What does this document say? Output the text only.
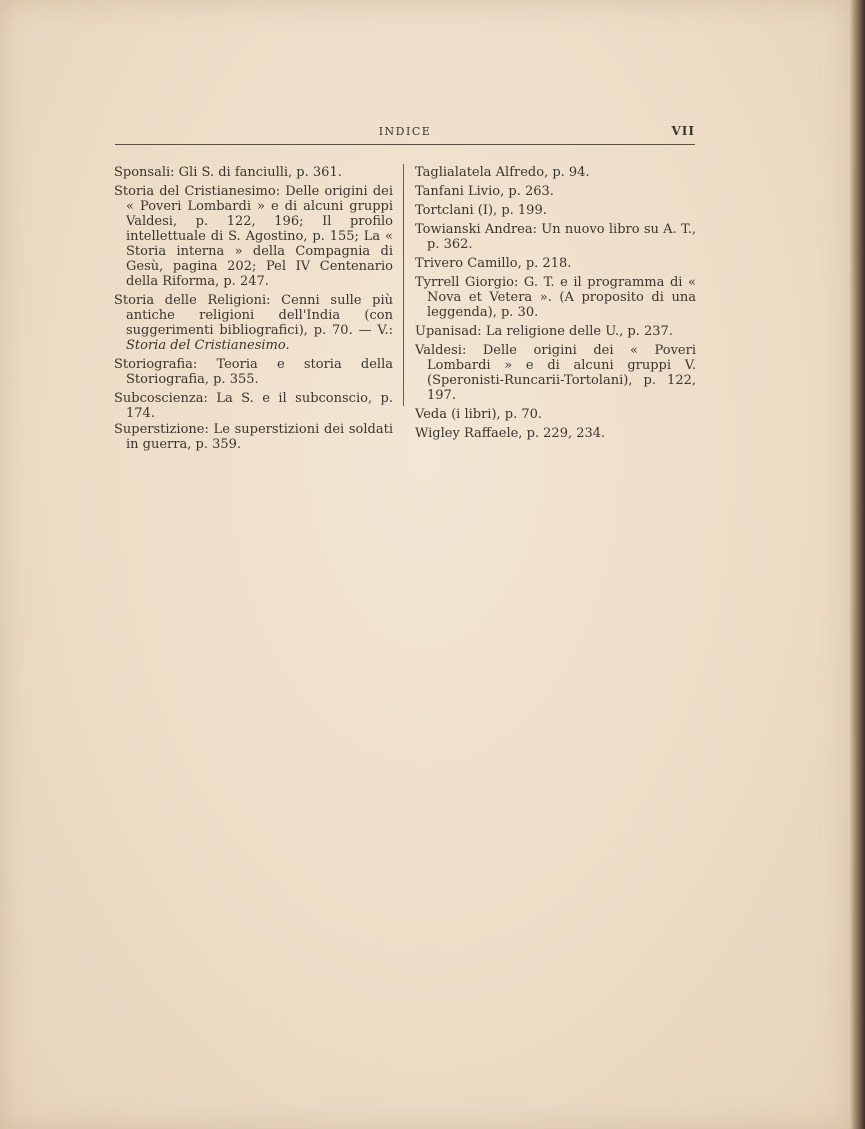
INDICE	VII

Sponsali: Gli S. di fanciulli, p. 361.

Storia del Cristianesimo: Delle origini dei « Poveri Lombardi » e di alcuni gruppi Valdesi, p. 122, 196; Il profilo intellettuale di S. Agostino, p. 155; La « Storia interna » della Compagnia di Gesù, pagina 202; Pel IV Centenario della Riforma, p. 247.

Storia delle Religioni: Cenni sulle più antiche religioni dell'India (con suggerimenti bibliografici), p. 70. — V.: Storia del Cristianesimo.

Storiografia: Teoria e storia della Storiografia, p. 355.

Subcoscienza: La S. e il subconscio, p. 174.

Superstizione: Le superstizioni dei soldati in guerra, p. 359.

Taglialatela Alfredo, p. 94.

Tanfani Livio, p. 263.

Tortclani (I), p. 199.

Towianski Andrea: Un nuovo libro su A. T., p. 362.

Trivero Camillo, p. 218.

Tyrrell Giorgio: G. T. e il programma di « Nova et Vetera ». (A proposito di una leggenda), p. 30.

Upanisad: La religione delle U., p. 237.

Valdesi: Delle origini dei « Poveri Lombardi » e di alcuni gruppi V. (Speronisti-Runcarii-Tortolani), p. 122, 197.

Veda (i libri), p. 70.

Wigley Raffaele, p. 229, 234.
